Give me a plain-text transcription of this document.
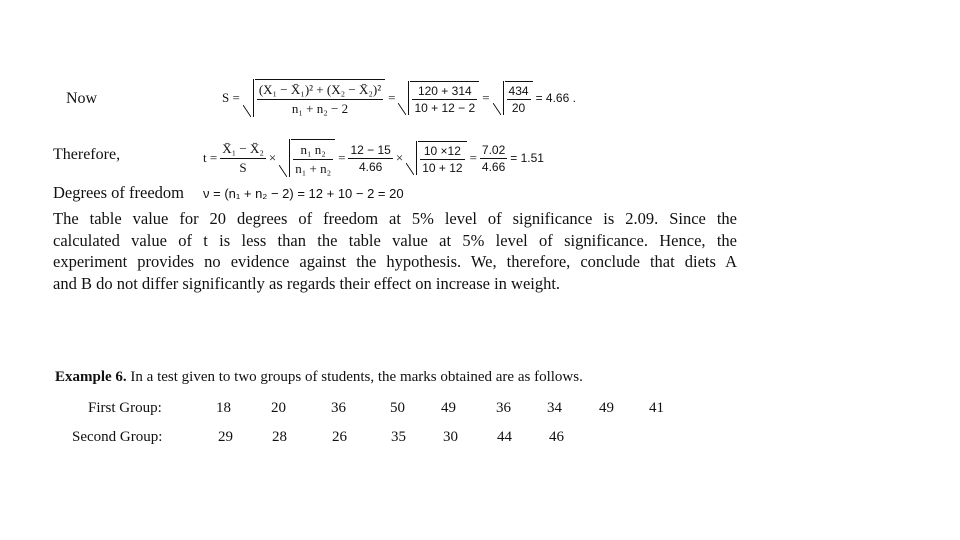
Now	$S = \frac{\text{(X₁ − X̄₁)² + (X₂ − X̄₂)²}}{\text{n₁ + n₂ − 2}} = \frac{120 + 314}{10 + 12 - 2} = \frac{434}{20} = 4.66$ .
Therefore,	$t = \frac{\text{X̄₁ − X̄₂}}{S} \times \frac{\text{n₁ n₂}}{\text{n₁ + n₂}} = \frac{12 - 15}{4.66} \times \frac{10 \times 12}{10 + 12} = \frac{7.02}{4.66} = 1.51$
Degrees of freedom ν = (n₁ + n₂ − 2) = 12 + 10 − 2 = 20
The table value for 20 degrees of freedom at 5% level of significance is 2.09. Since the
calculated value of t is less than the table value at 5% level of significance. Hence, the
experiment provides no evidence against the hypothesis. We, therefore, conclude that diets A
and B do not differ significantly as regards their effect on increase in weight.
Example 6. In a test given to two groups of students, the marks obtained are as follows.
First Group:	18	20	36	50 49	36 34 49 41
Second Group:	29	28	26	35 30	44 46
